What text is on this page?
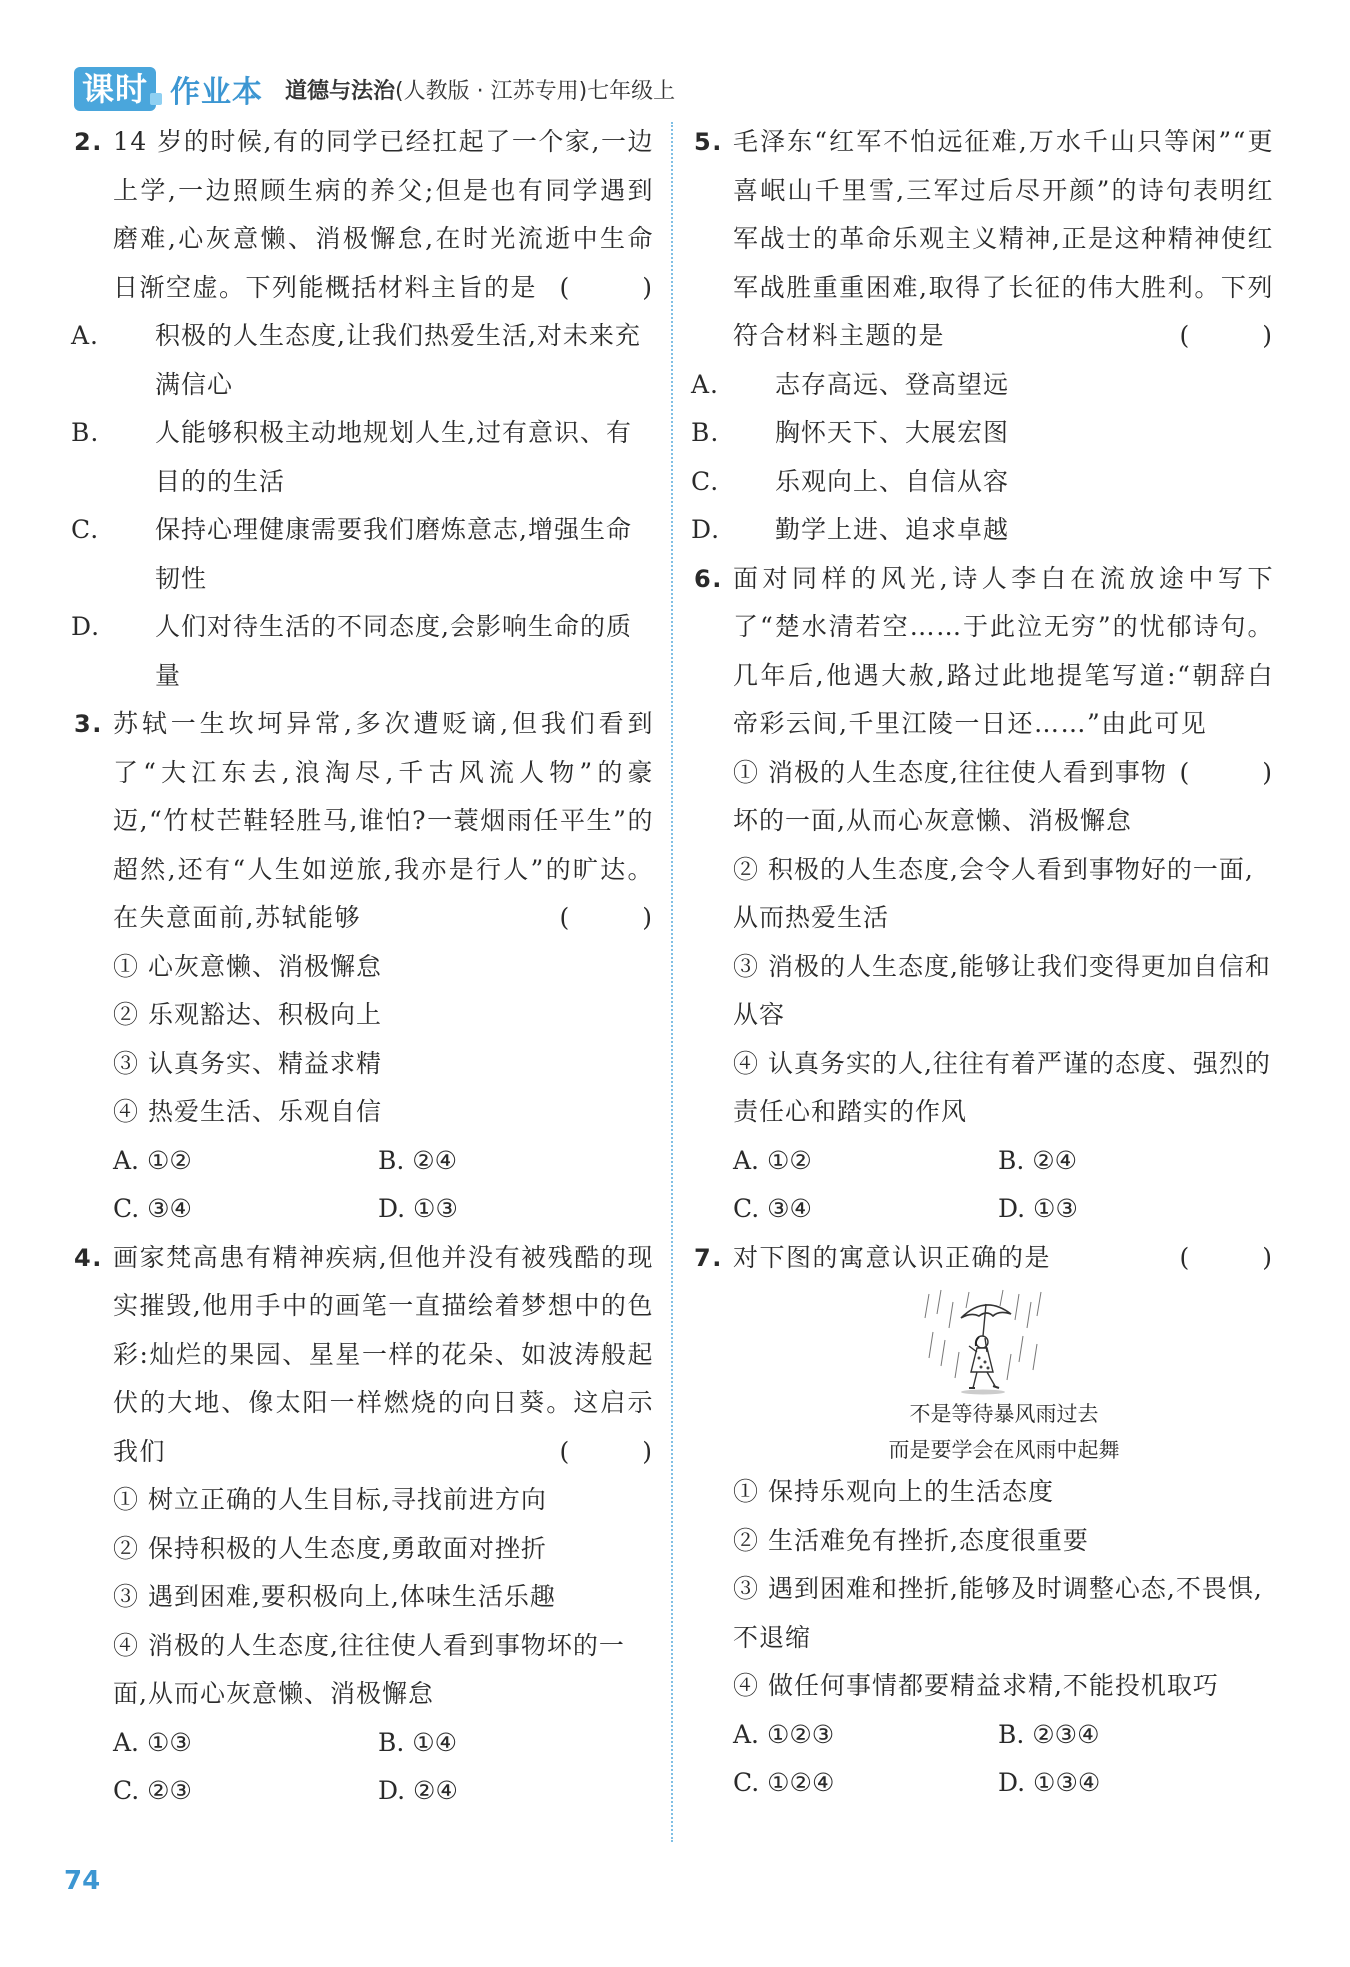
课时 作业本 道德与法治(人教版 · 江苏专用)七年级上
2. 14 岁的时候,有的同学已经扛起了一个家,一边上学,一边照顾生病的养父;但是也有同学遇到磨难,心灰意懒、消极懈怠,在时光流逝中生命日渐空虚。下列能概括材料主旨的是 (　)
A. 积极的人生态度,让我们热爱生活,对未来充满信心
B. 人能够积极主动地规划人生,过有意识、有目的的生活
C. 保持心理健康需要我们磨炼意志,增强生命韧性
D. 人们对待生活的不同态度,会影响生命的质量
3. 苏轼一生坎坷异常,多次遭贬谪,但我们看到了“大江东去,浪淘尽,千古风流人物”的豪迈,“竹杖芒鞋轻胜马,谁怕?一蓑烟雨任平生”的超然,还有“人生如逆旅,我亦是行人”的旷达。在失意面前,苏轼能够	(　)
① 心灰意懒、消极懈怠
② 乐观豁达、积极向上
③ 认真务实、精益求精
④ 热爱生活、乐观自信
A. ①②	B. ②④
C. ③④	D. ①③
4. 画家梵高患有精神疾病,但他并没有被残酷的现实摧毁,他用手中的画笔一直描绘着梦想中的色彩:灿烂的果园、星星一样的花朵、如波涛般起伏的大地、像太阳一样燃烧的向日葵。这启示我们	(　)
① 树立正确的人生目标,寻找前进方向
② 保持积极的人生态度,勇敢面对挫折
③ 遇到困难,要积极向上,体味生活乐趣
④ 消极的人生态度,往往使人看到事物坏的一面,从而心灰意懒、消极懈怠
A. ①③	B. ①④
C. ②③	D. ②④
5. 毛泽东“红军不怕远征难,万水千山只等闲”“更喜岷山千里雪,三军过后尽开颜”的诗句表明红军战士的革命乐观主义精神,正是这种精神使红军战胜重重困难,取得了长征的伟大胜利。下列符合材料主题的是	(　)
A. 志存高远、登高望远
B. 胸怀天下、大展宏图
C. 乐观向上、自信从容
D. 勤学上进、追求卓越
6. 面对同样的风光,诗人李白在流放途中写下了“楚水清若空……于此泣无穷”的忧郁诗句。几年后,他遇大赦,路过此地提笔写道:“朝辞白帝彩云间,千里江陵一日还……”由此可见
(　)
① 消极的人生态度,往往使人看到事物坏的一面,从而心灰意懒、消极懈怠
② 积极的人生态度,会令人看到事物好的一面,从而热爱生活
③ 消极的人生态度,能够让我们变得更加自信和从容
④ 认真务实的人,往往有着严谨的态度、强烈的责任心和踏实的作风
A. ①②	B. ②④
C. ③④	D. ①③
7. 对下图的寓意认识正确的是	(　)
不是等待暴风雨过去
而是要学会在风雨中起舞
① 保持乐观向上的生活态度
② 生活难免有挫折,态度很重要
③ 遇到困难和挫折,能够及时调整心态,不畏惧,不退缩
④ 做任何事情都要精益求精,不能投机取巧
A. ①②③	B. ②③④
C. ①②④	D. ①③④
74
